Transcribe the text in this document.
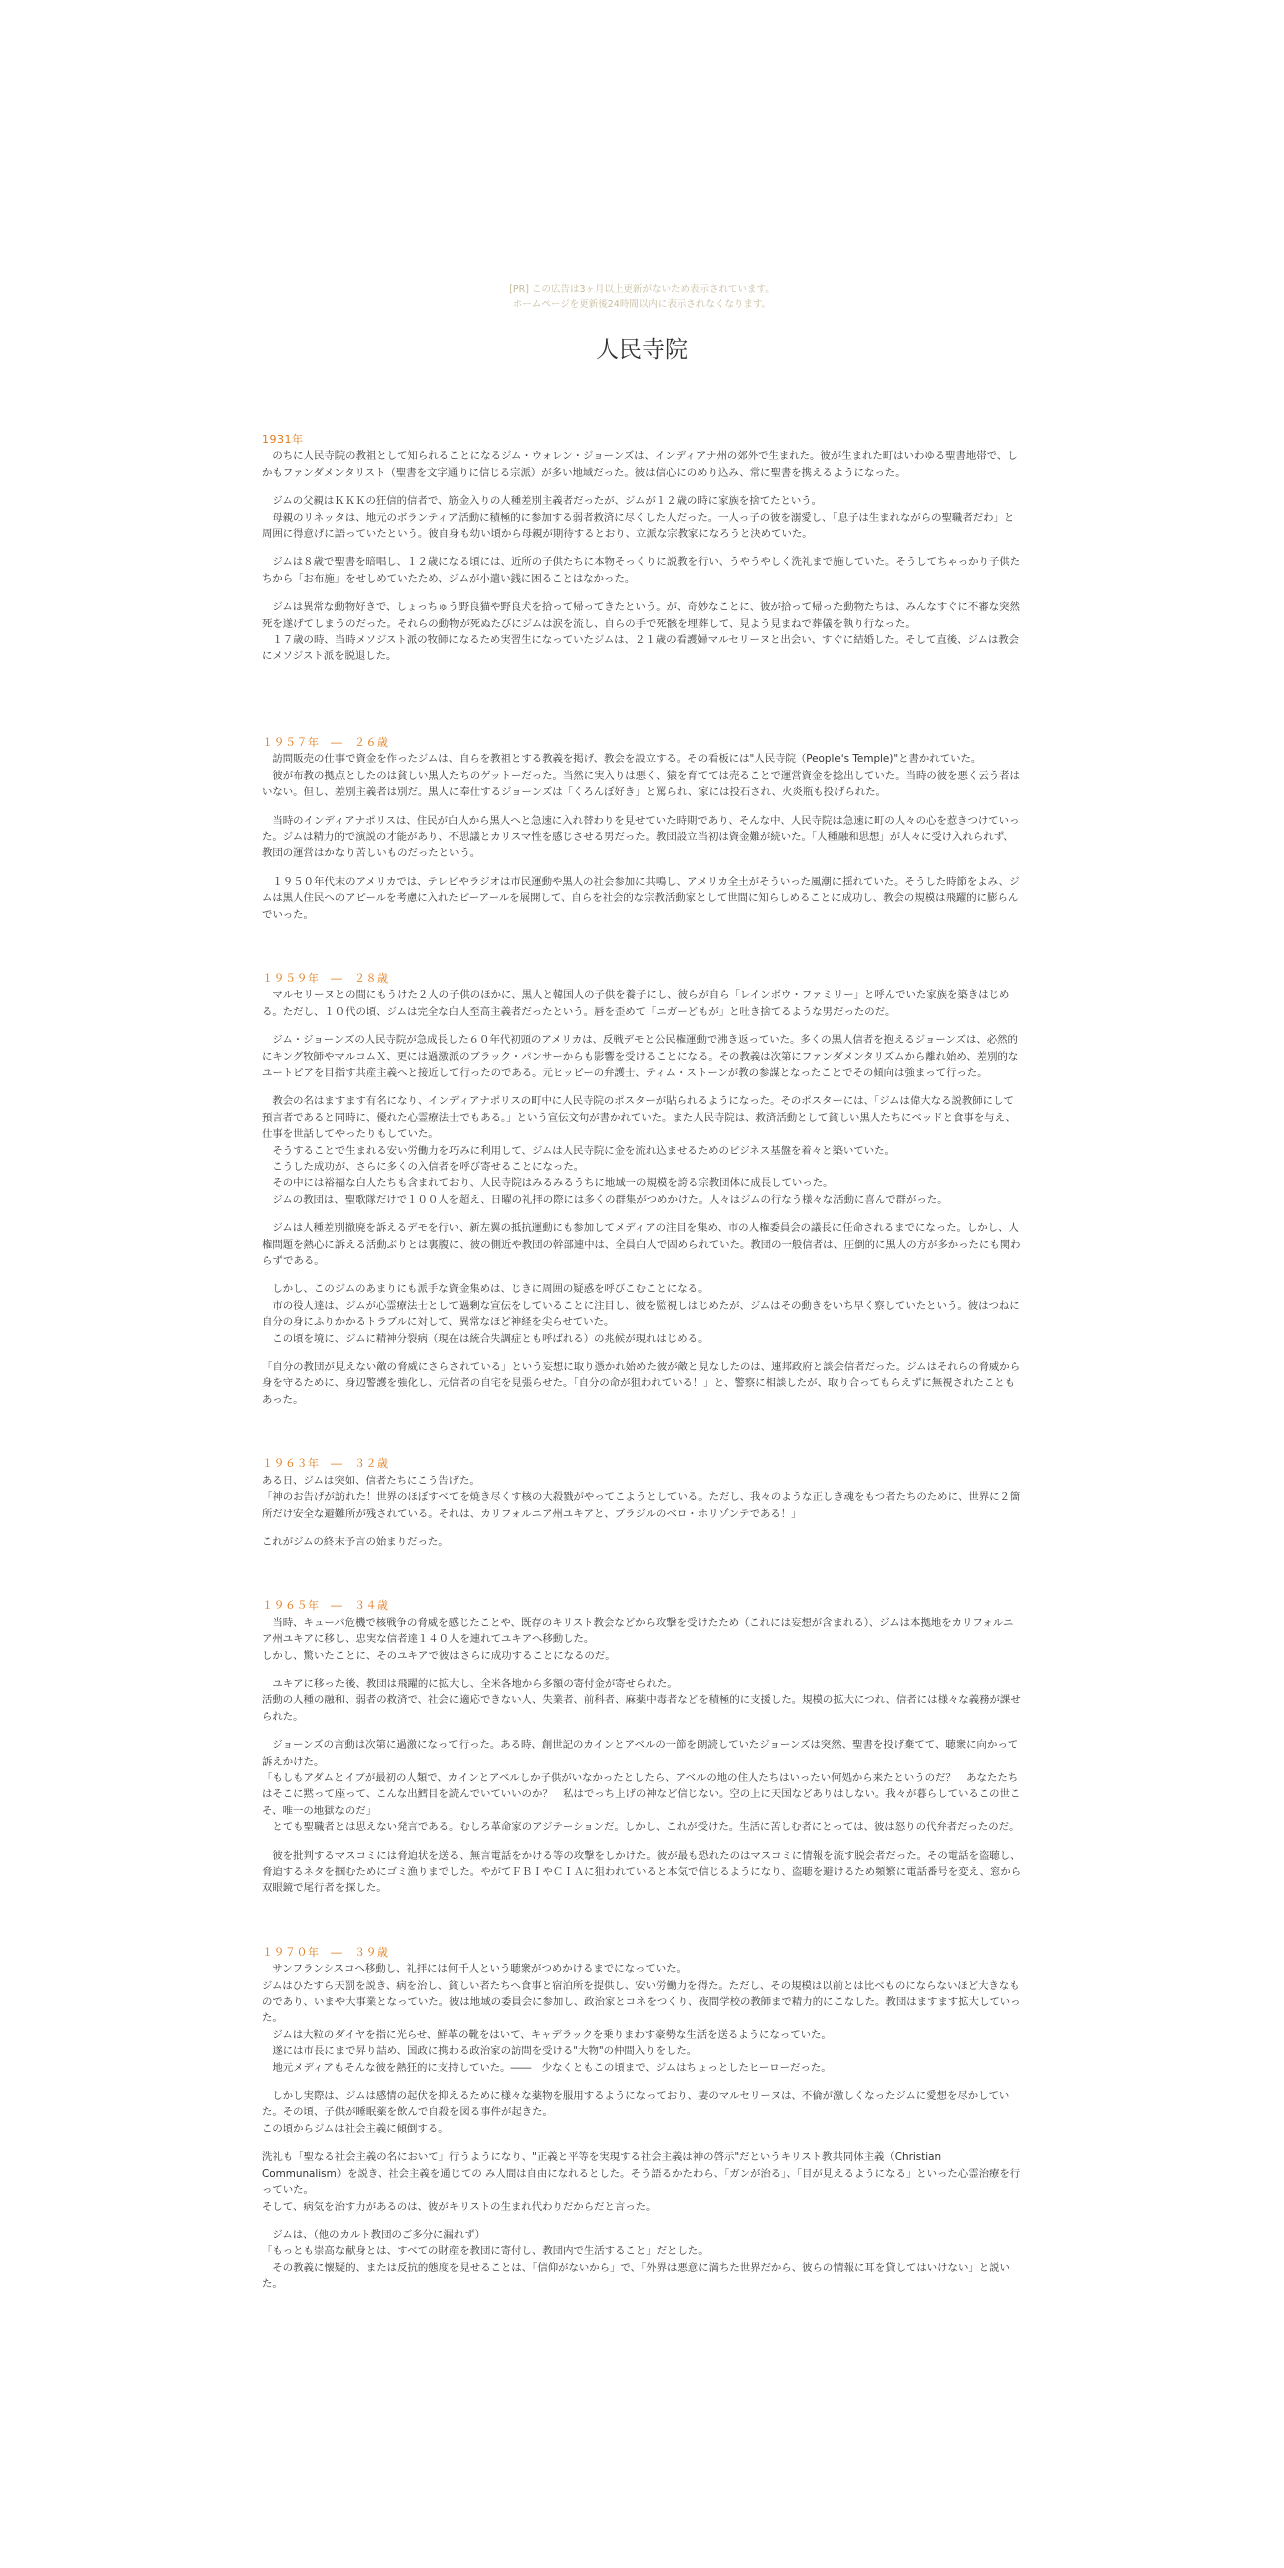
[PR] この広告は3ヶ月以上更新がないため表示されています。
ホームページを更新後24時間以内に表示されなくなります。
人民寺院
1931年
　のちに人民寺院の教祖として知られることになるジム・ウォレン・ジョーンズは、インディアナ州の郊外で生まれた。彼が生まれた町はいわゆる聖書地帯で、しかもファンダメンタリスト（聖書を文字通りに信じる宗派）が多い地域だった。彼は信心にのめり込み、常に聖書を携えるようになった。
　ジムの父親はＫＫＫの狂信的信者で、筋金入りの人種差別主義者だったが、ジムが１２歳の時に家族を捨てたという。
　母親のリネッタは、地元のボランティア活動に積極的に参加する弱者救済に尽くした人だった。一人っ子の彼を溺愛し、「息子は生まれながらの聖職者だわ」と周囲に得意げに語っていたという。彼自身も幼い頃から母親が期待するとおり、立派な宗教家になろうと決めていた。
　ジムは８歳で聖書を暗唱し、１２歳になる頃には、近所の子供たちに本物そっくりに説教を行い、うやうやしく洗礼まで施していた。そうしてちゃっかり子供たちから「お布施」をせしめていたため、ジムが小遣い銭に困ることはなかった。
　ジムは異常な動物好きで、しょっちゅう野良猫や野良犬を拾って帰ってきたという。が、奇妙なことに、彼が拾って帰った動物たちは、みんなすぐに不審な突然死を遂げてしまうのだった。それらの動物が死ぬたびにジムは涙を流し、自らの手で死骸を埋葬して、見よう見まねで葬儀を執り行なった。
　１７歳の時、当時メソジスト派の牧師になるため実習生になっていたジムは、２１歳の看護婦マルセリーヌと出会い、すぐに結婚した。そして直後、ジムは教会にメソジスト派を脱退した。
１９５７年　―　２６歳
　訪問販売の仕事で資金を作ったジムは、自らを教祖とする教義を掲げ、教会を設立する。その看板には"人民寺院（People's Temple)"と書かれていた。
　彼が布教の拠点としたのは貧しい黒人たちのゲットーだった。当然に実入りは悪く、猿を育てては売ることで運営資金を捻出していた。当時の彼を悪く云う者はいない。但し、差別主義者は別だ。黒人に奉仕するジョーンズは「くろんぼ好き」と罵られ、家には投石され、火炎瓶も投げられた。
　当時のインディアナポリスは、住民が白人から黒人へと急速に入れ替わりを見せていた時期であり、そんな中、人民寺院は急速に町の人々の心を惹きつけていった。ジムは精力的で演説の才能があり、不思議とカリスマ性を感じさせる男だった。教団設立当初は資金難が続いた。「人種融和思想」が人々に受け入れられず、教団の運営はかなり苦しいものだったという。
　１９５０年代末のアメリカでは、テレビやラジオは市民運動や黒人の社会参加に共鳴し、アメリカ全土がそういった風潮に揺れていた。そうした時節をよみ、ジムは黒人住民へのアピールを考慮に入れたピーアールを展開して、自らを社会的な宗教活動家として世間に知らしめることに成功し、教会の規模は飛躍的に膨らんでいった。
１９５９年　―　２８歳
　マルセリーヌとの間にもうけた２人の子供のほかに、黒人と韓国人の子供を養子にし、彼らが自ら「レインボウ・ファミリー」と呼んでいた家族を築きはじめる。ただし、１０代の頃、ジムは完全な白人至高主義者だったという。唇を歪めて「ニガーどもが」と吐き捨てるような男だったのだ。
　ジム・ジョーンズの人民寺院が急成長した６０年代初頭のアメリカは、反戦デモと公民権運動で沸き返っていた。多くの黒人信者を抱えるジョーンズは、必然的にキング牧師やマルコムＸ、更には過激派のブラック・パンサーからも影響を受けることになる。その教義は次第にファンダメンタリズムから離れ始め、差別的なユートピアを目指す共産主義へと接近して行ったのである。元ヒッピーの弁護士、ティム・ストーンが教の参謀となったことでその傾向は強まって行った。
　教会の名はますます有名になり、インディアナポリスの町中に人民寺院のポスターが貼られるようになった。そのポスターには、「ジムは偉大なる説教師にして預言者であると同時に、優れた心霊療法士でもある。」という宣伝文句が書かれていた。また人民寺院は、救済活動として貧しい黒人たちにベッドと食事を与え、仕事を世話してやったりもしていた。
　そうすることで生まれる安い労働力を巧みに利用して、ジムは人民寺院に金を流れ込ませるためのビジネス基盤を着々と築いていた。
　こうした成功が、さらに多くの入信者を呼び寄せることになった。
　その中には裕福な白人たちも含まれており、人民寺院はみるみるうちに地域一の規模を誇る宗教団体に成長していった。
　ジムの教団は、聖歌隊だけで１００人を超え、日曜の礼拝の際には多くの群集がつめかけた。人々はジムの行なう様々な活動に喜んで群がった。
　ジムは人種差別撤廃を訴えるデモを行い、新左翼の抵抗運動にも参加してメディアの注目を集め、市の人権委員会の議長に任命されるまでになった。しかし、人権問題を熱心に訴える活動ぶりとは裏腹に、彼の側近や教団の幹部連中は、全員白人で固められていた。教団の一般信者は、圧倒的に黒人の方が多かったにも関わらずである。
　しかし、このジムのあまりにも派手な資金集めは、じきに周囲の疑惑を呼びこむことになる。
　市の役人達は、ジムが心霊療法士として過剰な宣伝をしていることに注目し、彼を監視しはじめたが、ジムはその動きをいち早く察していたという。彼はつねに自分の身にふりかかるトラブルに対して、異常なほど神経を尖らせていた。
　この頃を境に、ジムに精神分裂病（現在は統合失調症とも呼ばれる）の兆候が現れはじめる。
「自分の教団が見えない敵の脅威にさらされている」という妄想に取り憑かれ始めた彼が敵と見なしたのは、連邦政府と談会信者だった。ジムはそれらの脅威から身を守るために、身辺警護を強化し、元信者の自宅を見張らせた。「自分の命が狙われている！」と、警察に相談したが、取り合ってもらえずに無視されたこともあった。
１９６３年　―　３２歳
ある日、ジムは突如、信者たちにこう告げた。
「神のお告げが訪れた！世界のほぼすべてを焼き尽くす核の大殺戮がやってこようとしている。ただし、我々のような正しき魂をもつ者たちのために、世界に２箇所だけ安全な避難所が残されている。それは、カリフォルニア州ユキアと、ブラジルのベロ・ホリゾンテである！」
これがジムの終末予言の始まりだった。
１９６５年　―　３４歳
　当時、キューバ危機で核戦争の脅威を感じたことや、既存のキリスト教会などから攻撃を受けたため（これには妄想が含まれる）、ジムは本拠地をカリフォルニア州ユキアに移し、忠実な信者達１４０人を連れてユキアへ移動した。
しかし、驚いたことに、そのユキアで彼はさらに成功することになるのだ。
　ユキアに移った後、教団は飛躍的に拡大し、全米各地から多額の寄付金が寄せられた。
活動の人種の融和、弱者の救済で、社会に適応できない人、失業者、前科者、麻薬中毒者などを積極的に支援した。規模の拡大につれ、信者には様々な義務が課せられた。
　ジョーンズの言動は次第に過激になって行った。ある時、創世記のカインとアベルの一節を朗読していたジョーンズは突然、聖書を投げ棄てて、聴衆に向かって訴えかけた。
「もしもアダムとイブが最初の人類で、カインとアベルしか子供がいなかったとしたら、アベルの地の住人たちはいったい何処から来たというのだ？　あなたたちはそこに黙って座って、こんな出鱈目を読んでいていいのか？　私はでっち上げの神など信じない。空の上に天国などありはしない。我々が暮らしているこの世こそ、唯一の地獄なのだ」
　とても聖職者とは思えない発言である。むしろ革命家のアジテーションだ。しかし、これが受けた。生活に苦しむ者にとっては、彼は怒りの代弁者だったのだ。
　彼を批判するマスコミには脅迫状を送る、無言電話をかける等の攻撃をしかけた。彼が最も恐れたのはマスコミに情報を流す脱会者だった。その電話を盗聴し、脅迫するネタを掴むためにゴミ漁りまでした。やがてＦＢＩやＣＩＡに狙われていると本気で信じるようになり、盗聴を避けるため頻繁に電話番号を変え、窓から双眼鏡で尾行者を探した。
１９７０年　―　３９歳
　サンフランシスコへ移動し、礼拝には何千人という聴衆がつめかけるまでになっていた。
ジムはひたすら天罰を説き、病を治し、貧しい者たちへ食事と宿泊所を提供し、安い労働力を得た。ただし、その規模は以前とは比べものにならないほど大きなものであり、いまや大事業となっていた。彼は地域の委員会に参加し、政治家とコネをつくり、夜間学校の教師まで精力的にこなした。教団はますます拡大していった。
　ジムは大粒のダイヤを指に光らせ、鮮革の靴をはいて、キャデラックを乗りまわす豪勢な生活を送るようになっていた。
　遂には市長にまで昇り詰め、国政に携わる政治家の訪問を受ける"大物"の仲間入りをした。
　地元メディアもそんな彼を熱狂的に支持していた。――　少なくともこの頃まで、ジムはちょっとしたヒーローだった。
　しかし実際は、ジムは感情の起伏を抑えるために様々な薬物を服用するようになっており、妻のマルセリーヌは、不倫が激しくなったジムに愛想を尽かしていた。その頃、子供が睡眠薬を飲んで自殺を図る事件が起きた。
この頃からジムは社会主義に傾倒する。
洗礼も「聖なる社会主義の名において」行うようになり、"正義と平等を実現する社会主義は神の啓示"だというキリスト教共同体主義（Christian Communalism）を説き、社会主義を通じての み人間は自由になれるとした。そう語るかたわら、「ガンが治る」、「目が見えるようになる」といった心霊治療を行っていた。
そして、病気を治す力があるのは、彼がキリストの生まれ代わりだからだと言った。
　ジムは、（他のカルト教団のご多分に漏れず）
「もっとも崇高な献身とは、すべての財産を教団に寄付し、教団内で生活すること」だとした。
　その教義に懐疑的、または反抗的態度を見せることは、「信仰がないから」で、「外界は悪意に満ちた世界だから、彼らの情報に耳を貸してはいけない」と説いた。
